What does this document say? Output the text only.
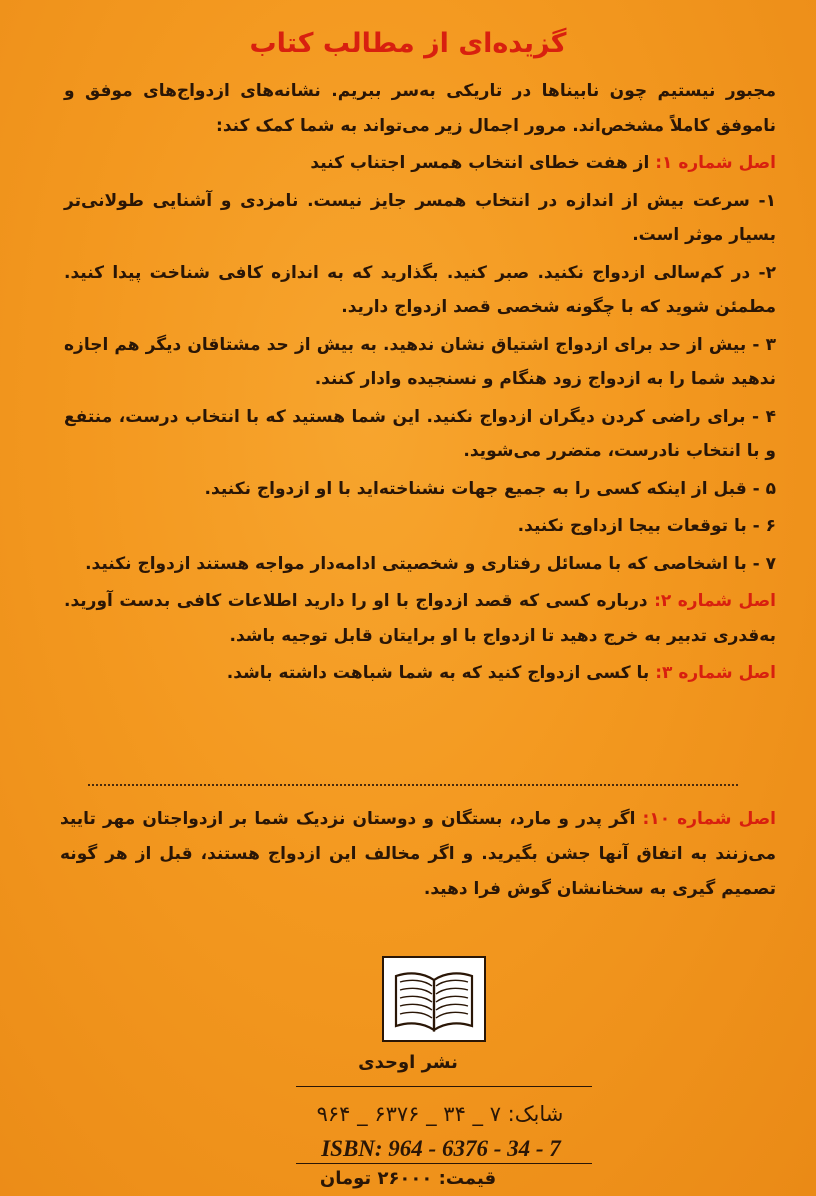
گزیده‌ای از مطالب کتاب

مجبور نیستیم چون نابیناها در تاریکی به‌سر ببریم. نشانه‌های ازدواج‌های موفق و ناموفق کاملاً مشخص‌اند. مرور اجمال زیر می‌تواند به شما کمک کند:

اصل شماره ۱: از هفت خطای انتخاب همسر اجتناب کنید

۱- سرعت بیش از اندازه در انتخاب همسر جایز نیست. نامزدی و آشنایی طولانی‌تر بسیار موثر است.

۲- در کم‌سالی ازدواج نکنید. صبر کنید. بگذارید که به اندازه کافی شناخت پیدا کنید. مطمئن شوید که با چگونه شخصی قصد ازدواج دارید.

۳ - بیش از حد برای ازدواج اشتیاق نشان ندهید. به بیش از حد مشتاقان دیگر هم اجازه ندهید شما را به ازدواج زود هنگام و نسنجیده وادار کنند.

۴ - برای راضی کردن دیگران ازدواج نکنید. این شما هستید که با انتخاب درست، منتفع و با انتخاب نادرست، متضرر می‌شوید.

۵ - قبل از اینکه کسی را به جمیع جهات نشناخته‌اید با او ازدواج نکنید.

۶ - با توقعات بیجا ازداوج نکنید.

۷ - با اشخاصی که با مسائل رفتاری و شخصیتی ادامه‌دار مواجه هستند ازدواج نکنید.

اصل شماره ۲: درباره کسی که قصد ازدواج با او را دارید اطلاعات کافی بدست آورید. به‌قدری تدبیر به خرج دهید تا ازدواج با او برایتان قابل توجیه باشد.

اصل شماره ۳: با کسی ازدواج کنید که به شما شباهت داشته باشد.

اصل شماره ۱۰: اگر پدر و مارد، بستگان و دوستان نزدیک شما بر ازدواجتان مهر تایید می‌زنند به اتفاق آنها جشن بگیرید. و اگر مخالف این ازدواج هستند، قبل از هر گونه تصمیم گیری به سخنانشان گوش فرا دهید.

نشر اوحدی
شابک: ۷ _ ۳۴ _ ۶۳۷۶ _ ۹۶۴
ISBN: 964 - 6376 - 34 - 7
قیمت: ۲۶۰۰۰ تومان
